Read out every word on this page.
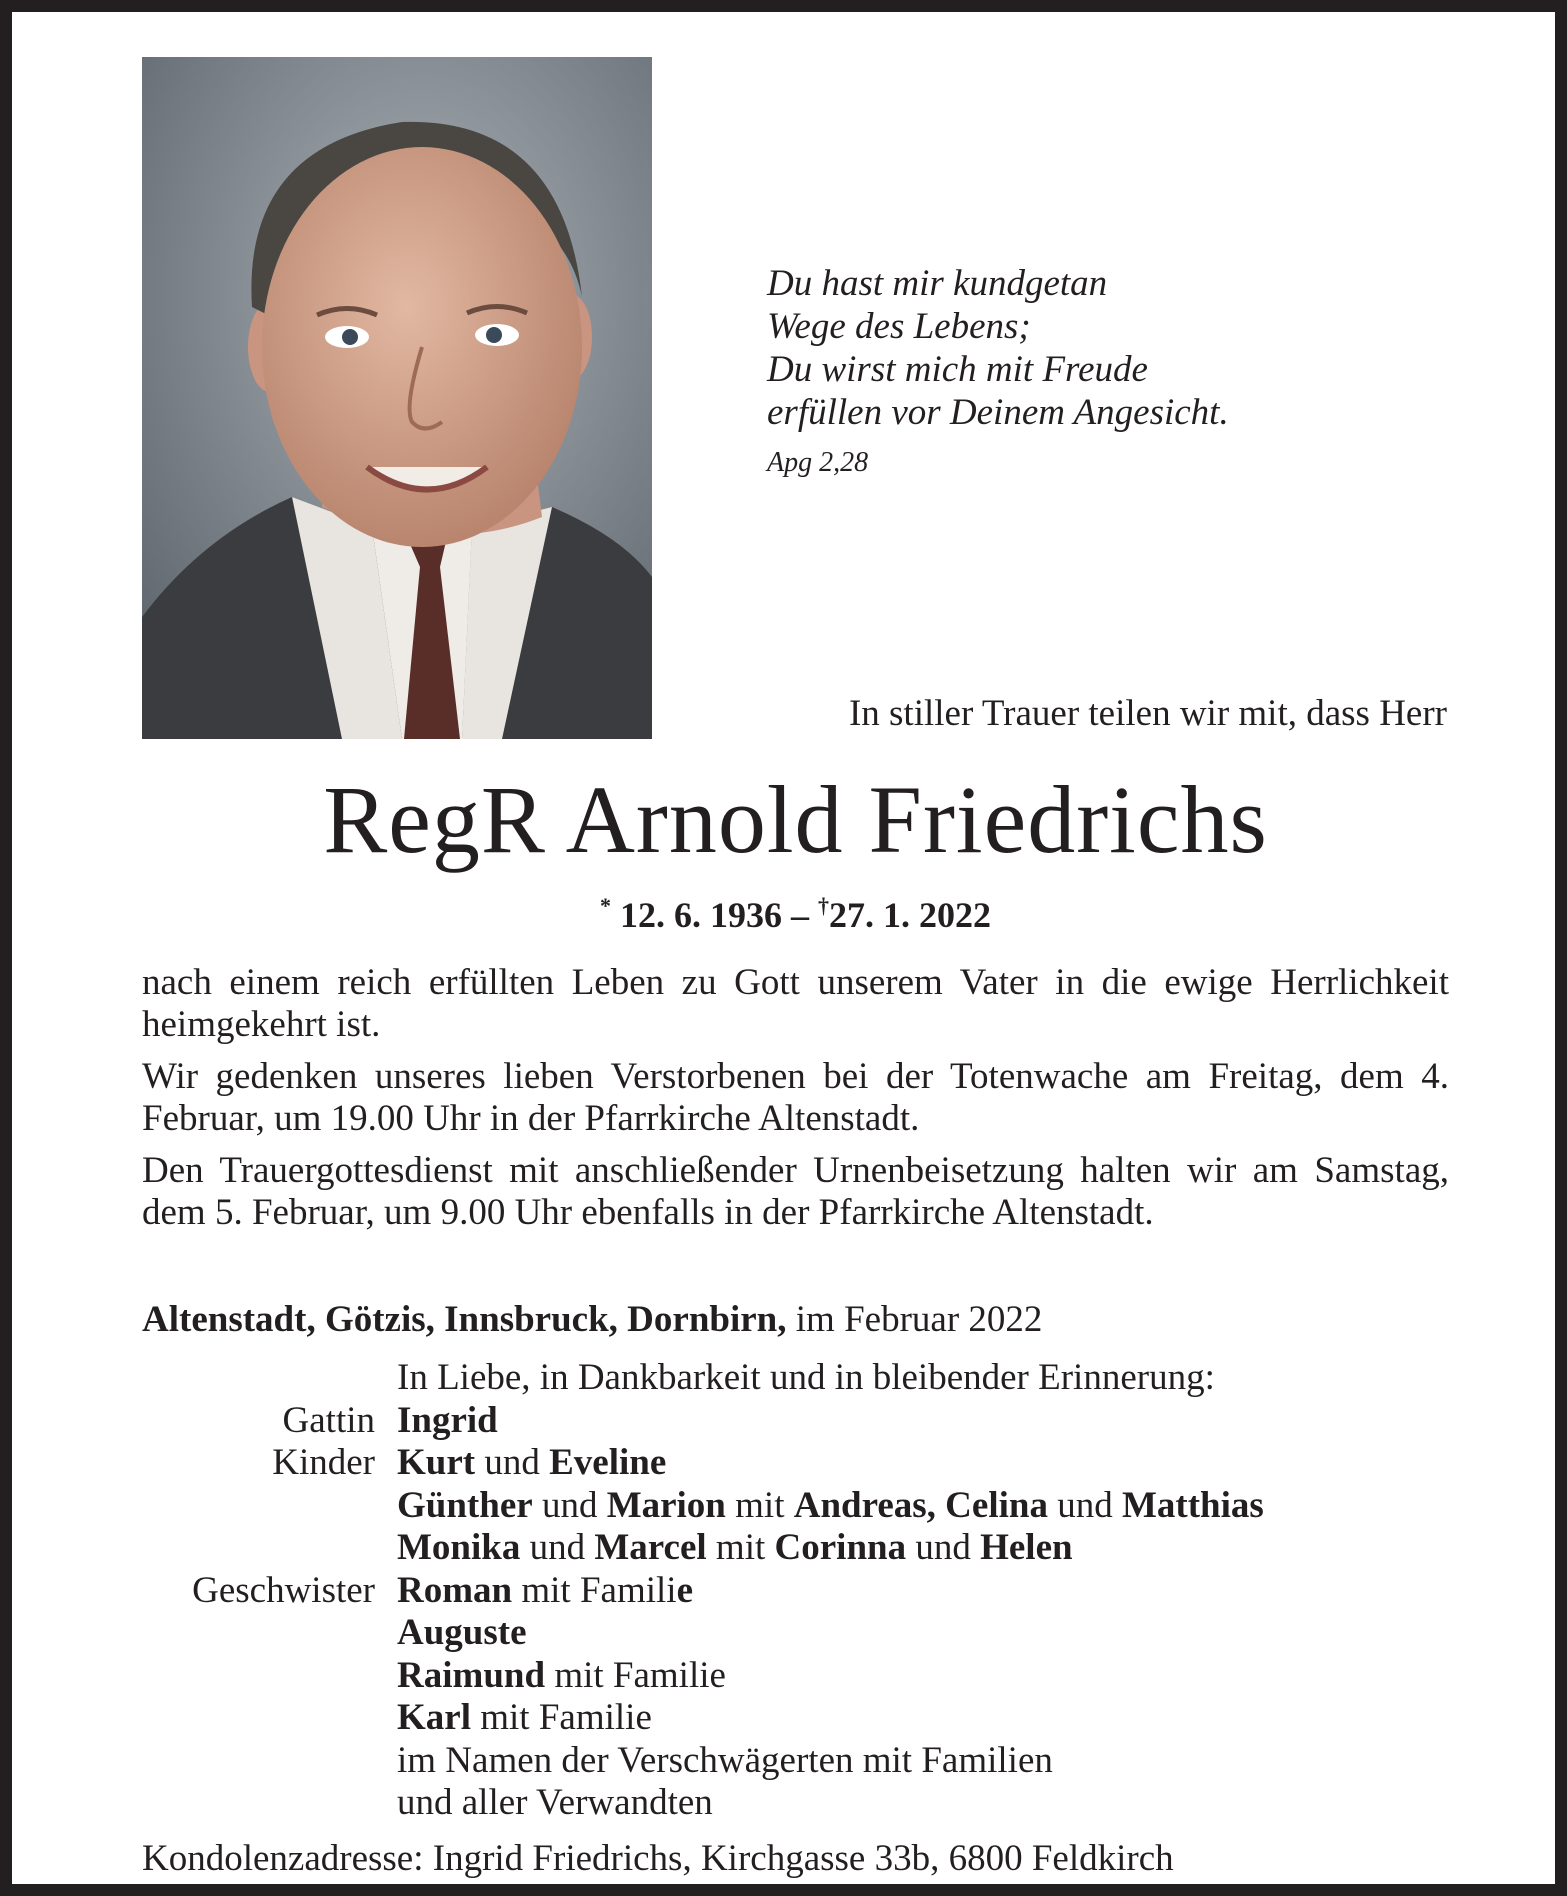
Du hast mir kundgetan
Wege des Lebens;
Du wirst mich mit Freude
erfüllen vor Deinem Angesicht.
Apg 2,28
In stiller Trauer teilen wir mit, dass Herr
RegR Arnold Friedrichs
* 12. 6. 1936 – †27. 1. 2022

nach einem reich erfüllten Leben zu Gott unserem Vater in die ewige Herrlichkeit heimgekehrt ist.

Wir gedenken unseres lieben Verstorbenen bei der Totenwache am Freitag, dem 4. Februar, um 19.00 Uhr in der Pfarrkirche Altenstadt.

Den Trauergottesdienst mit anschließender Urnenbeisetzung halten wir am Samstag, dem 5. Februar, um 9.00 Uhr ebenfalls in der Pfarrkirche Altenstadt.

Altenstadt, Götzis, Innsbruck, Dornbirn, im Februar 2022
In Liebe, in Dankbarkeit und in bleibender Erinnerung:
Gattin Ingrid
Kinder Kurt und Eveline
Günther und Marion mit Andreas, Celina und Matthias
Monika und Marcel mit Corinna und Helen
Geschwister Roman mit Familie
Auguste
Raimund mit Familie
Karl mit Familie
im Namen der Verschwägerten mit Familien
und aller Verwandten
Kondolenzadresse: Ingrid Friedrichs, Kirchgasse 33b, 6800 Feldkirch
